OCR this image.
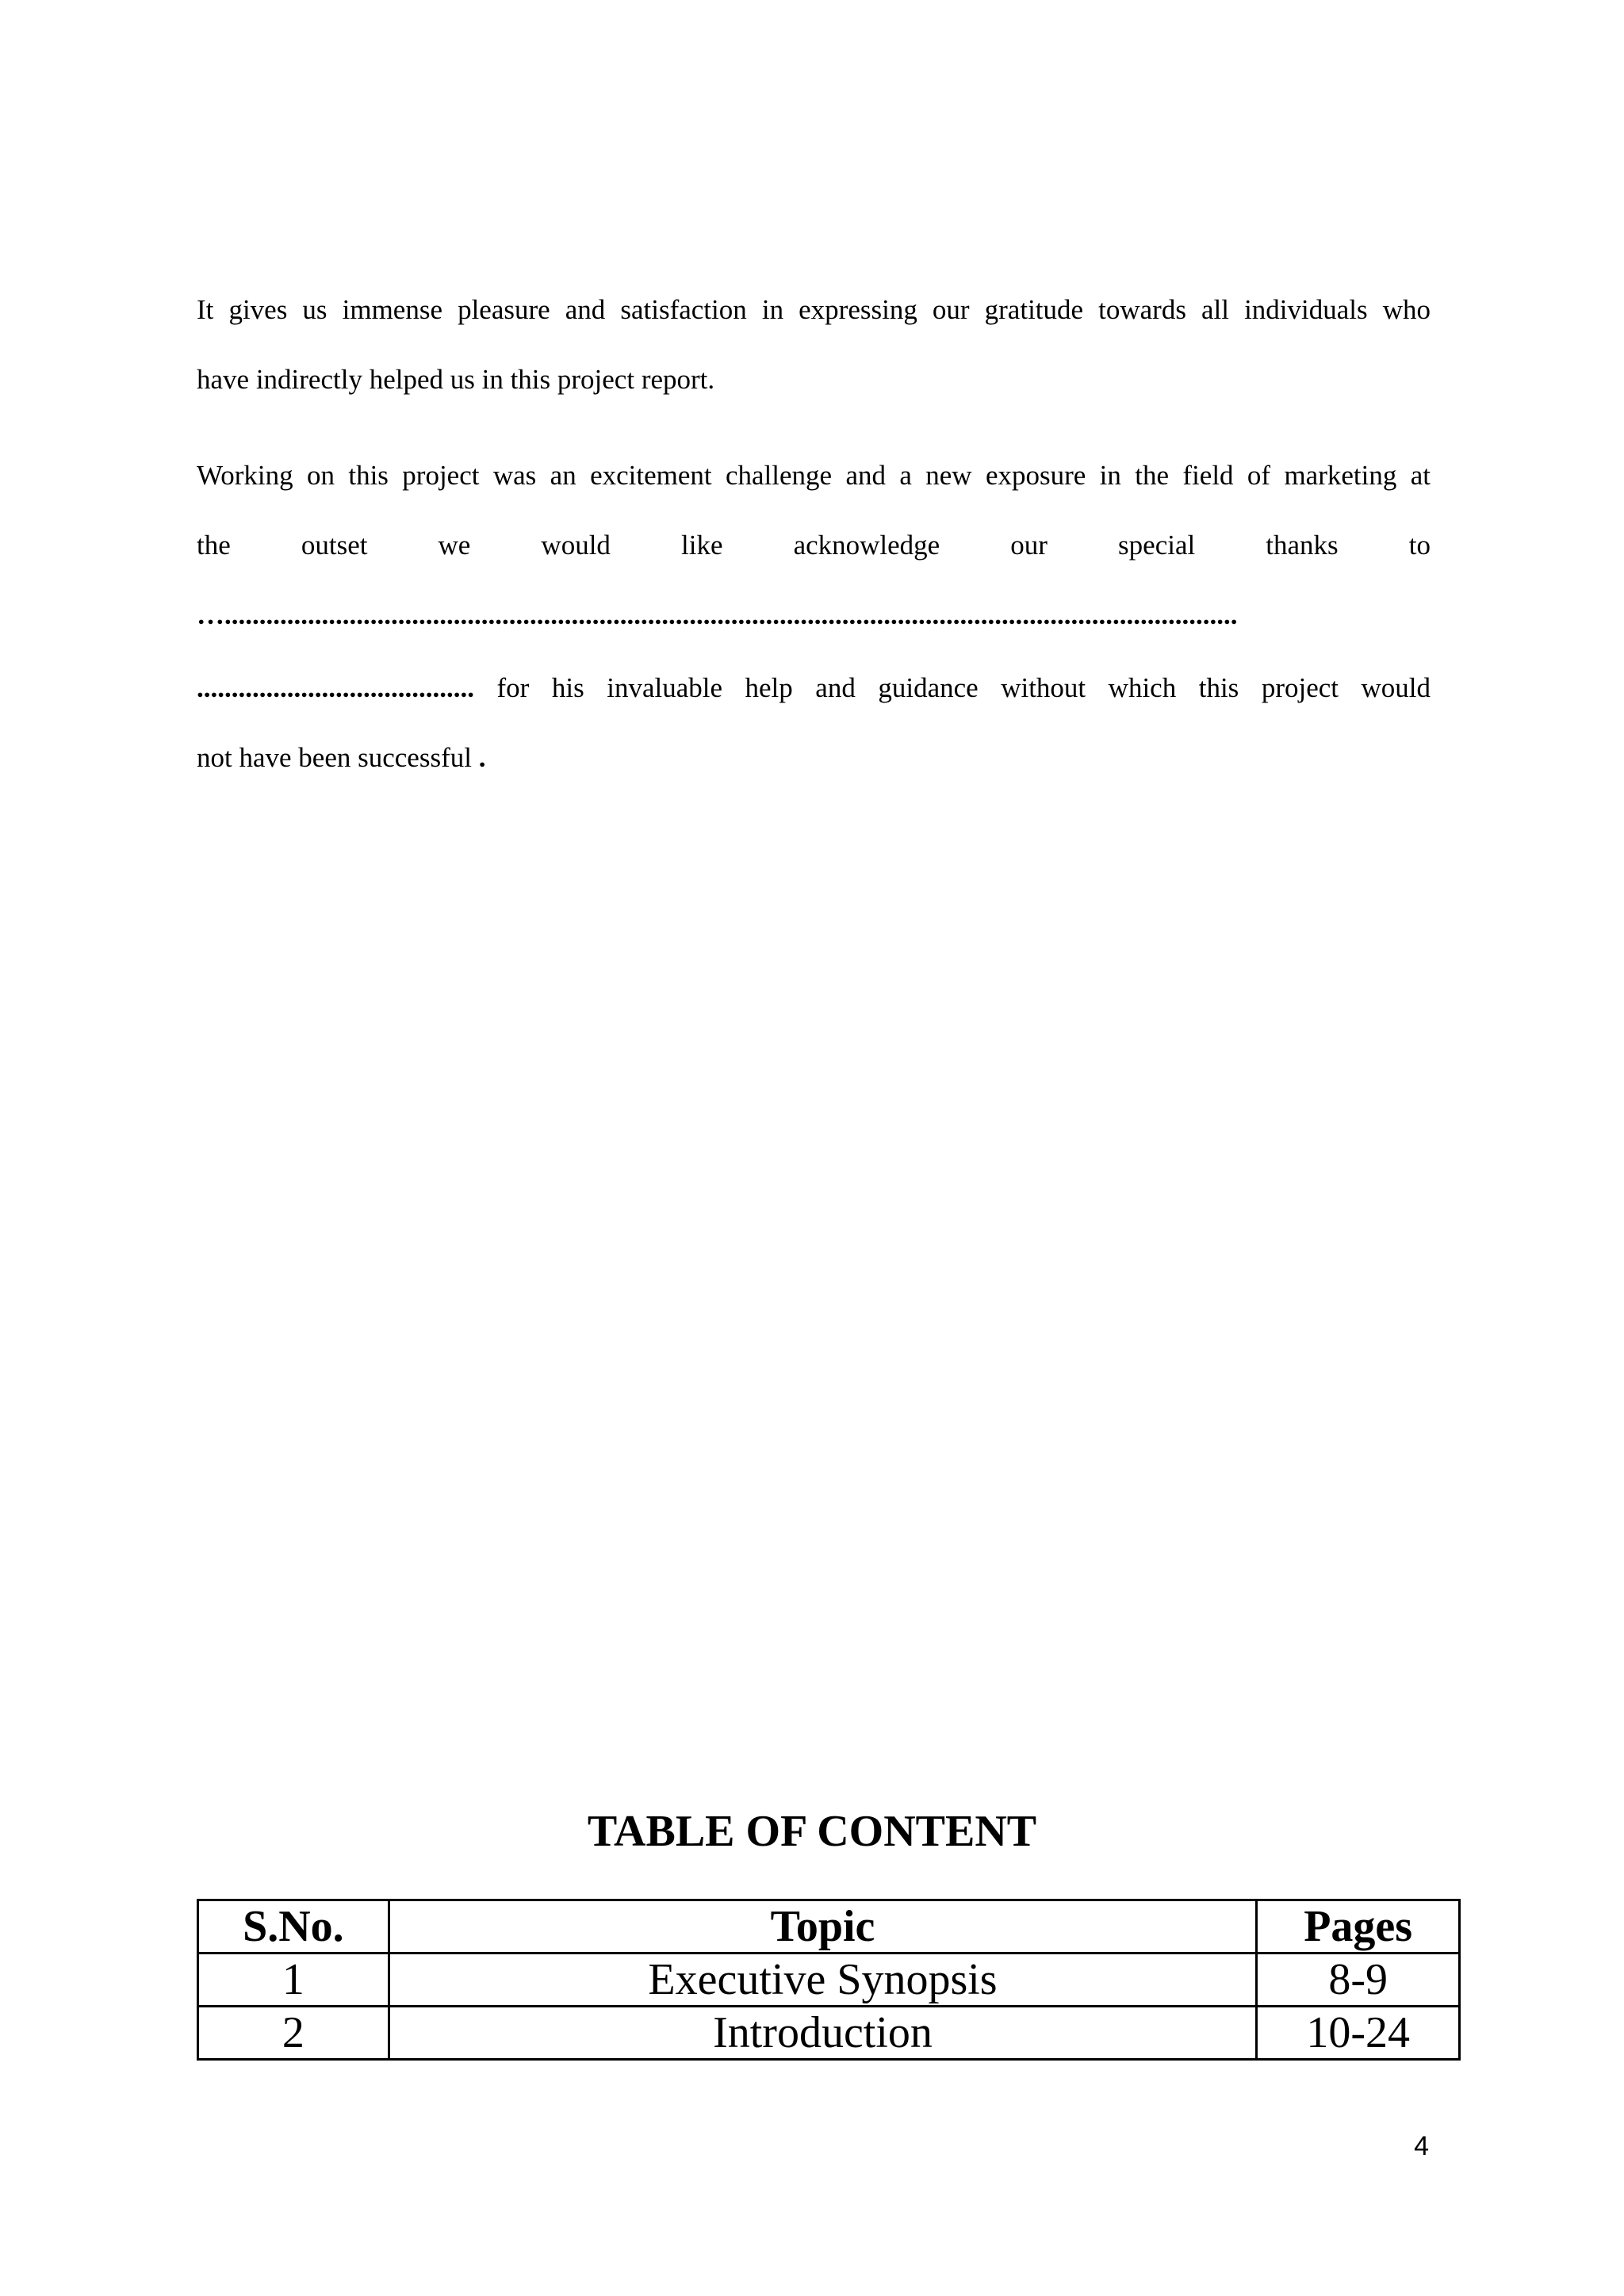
It gives us immense pleasure and satisfaction in expressing our gratitude towards all individuals who
have indirectly helped us in this project report.

Working on this project was an excitement challenge and a new exposure in the field of marketing at
the outset we would like acknowledge our special thanks to
…..................................................................................................................................................
........................................ for his invaluable help and guidance without which this project would
not have been successful .

TABLE OF CONTENT
S.No.	Topic	Pages
1	Executive Synopsis	8-9
2	Introduction	10-24

4
